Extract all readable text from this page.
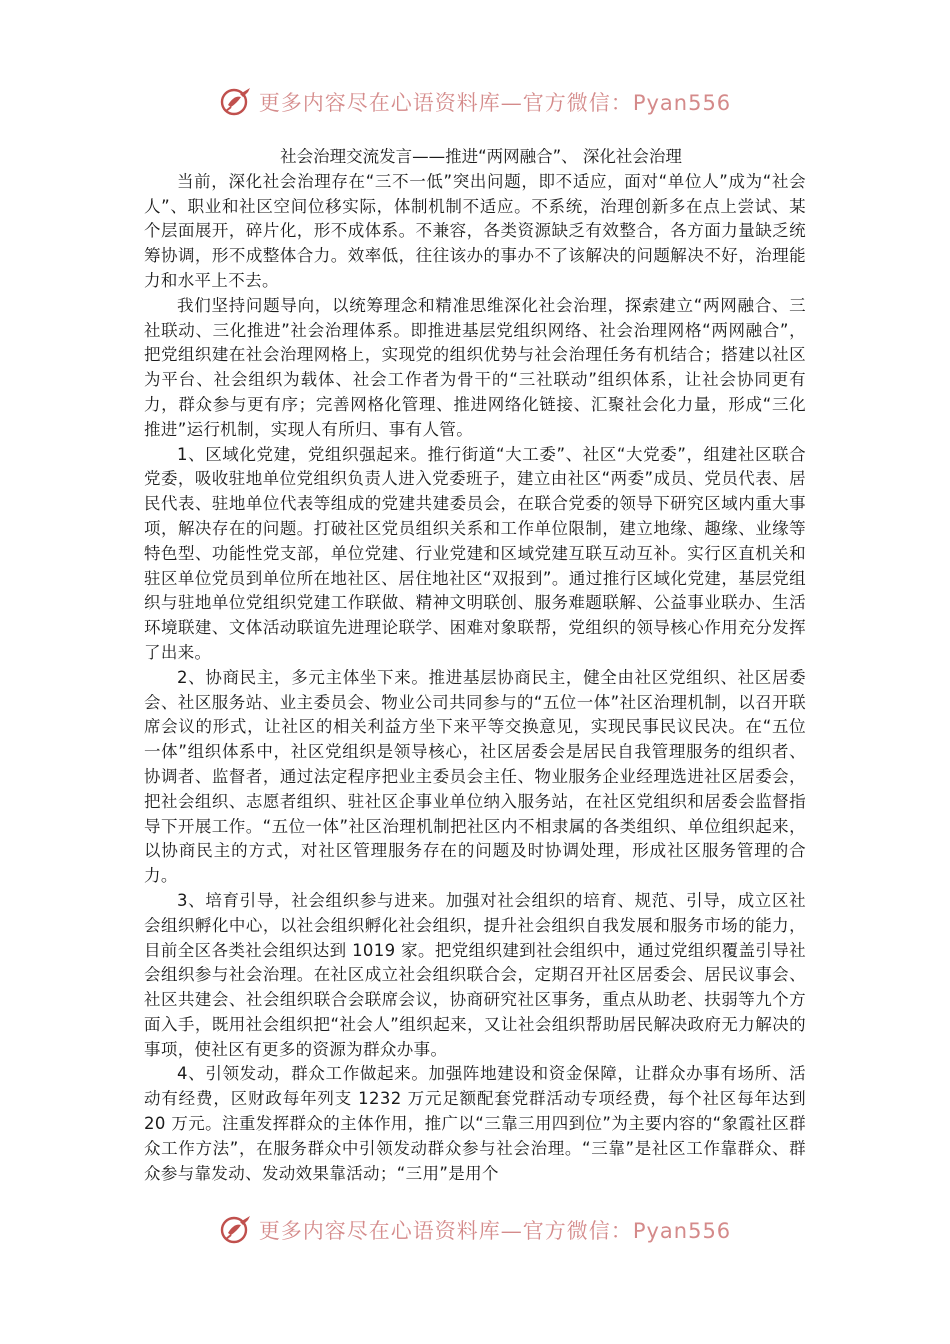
更多内容尽在心语资料库—官方微信：Pyan556

社会治理交流发言——推进“两网融合”、 深化社会治理

当前，深化社会治理存在“三不一低”突出问题，即不适应，面对“单位人”成为“社会人”、职业和社区空间位移实际，体制机制不适应。不系统，治理创新多在点上尝试、某个层面展开，碎片化，形不成体系。不兼容，各类资源缺乏有效整合，各方面力量缺乏统筹协调，形不成整体合力。效率低，往往该办的事办不了该解决的问题解决不好，治理能力和水平上不去。

我们坚持问题导向，以统筹理念和精准思维深化社会治理，探索建立“两网融合、三社联动、三化推进”社会治理体系。即推进基层党组织网络、社会治理网格“两网融合”，把党组织建在社会治理网格上，实现党的组织优势与社会治理任务有机结合；搭建以社区为平台、社会组织为载体、社会工作者为骨干的“三社联动”组织体系，让社会协同更有力，群众参与更有序；完善网格化管理、推进网络化链接、汇聚社会化力量，形成“三化推进”运行机制，实现人有所归、事有人管。

1、区域化党建，党组织强起来。推行街道“大工委”、社区“大党委”，组建社区联合党委，吸收驻地单位党组织负责人进入党委班子，建立由社区“两委”成员、党员代表、居民代表、驻地单位代表等组成的党建共建委员会，在联合党委的领导下研究区域内重大事项，解决存在的问题。打破社区党员组织关系和工作单位限制，建立地缘、趣缘、业缘等特色型、功能性党支部，单位党建、行业党建和区域党建互联互动互补。实行区直机关和驻区单位党员到单位所在地社区、居住地社区“双报到”。通过推行区域化党建，基层党组织与驻地单位党组织党建工作联做、精神文明联创、服务难题联解、公益事业联办、生活环境联建、文体活动联谊先进理论联学、困难对象联帮，党组织的领导核心作用充分发挥了出来。

2、协商民主，多元主体坐下来。推进基层协商民主，健全由社区党组织、社区居委会、社区服务站、业主委员会、物业公司共同参与的“五位一体”社区治理机制，以召开联席会议的形式，让社区的相关利益方坐下来平等交换意见，实现民事民议民决。在“五位一体”组织体系中，社区党组织是领导核心，社区居委会是居民自我管理服务的组织者、协调者、监督者，通过法定程序把业主委员会主任、物业服务企业经理选进社区居委会，把社会组织、志愿者组织、驻社区企事业单位纳入服务站，在社区党组织和居委会监督指导下开展工作。“五位一体”社区治理机制把社区内不相隶属的各类组织、单位组织起来，以协商民主的方式，对社区管理服务存在的问题及时协调处理，形成社区服务管理的合力。

3、培育引导，社会组织参与进来。加强对社会组织的培育、规范、引导，成立区社会组织孵化中心，以社会组织孵化社会组织，提升社会组织自我发展和服务市场的能力，目前全区各类社会组织达到 1019 家。把党组织建到社会组织中，通过党组织覆盖引导社会组织参与社会治理。在社区成立社会组织联合会，定期召开社区居委会、居民议事会、社区共建会、社会组织联合会联席会议，协商研究社区事务，重点从助老、扶弱等九个方面入手，既用社会组织把“社会人”组织起来，又让社会组织帮助居民解决政府无力解决的事项，使社区有更多的资源为群众办事。

4、引领发动，群众工作做起来。加强阵地建设和资金保障，让群众办事有场所、活动有经费，区财政每年列支 1232 万元足额配套党群活动专项经费，每个社区每年达到 20 万元。注重发挥群众的主体作用，推广以“三靠三用四到位”为主要内容的“象霞社区群众工作方法”，在服务群众中引领发动群众参与社会治理。“三靠”是社区工作靠群众、群众参与靠发动、发动效果靠活动；“三用”是用个

更多内容尽在心语资料库—官方微信：Pyan556
